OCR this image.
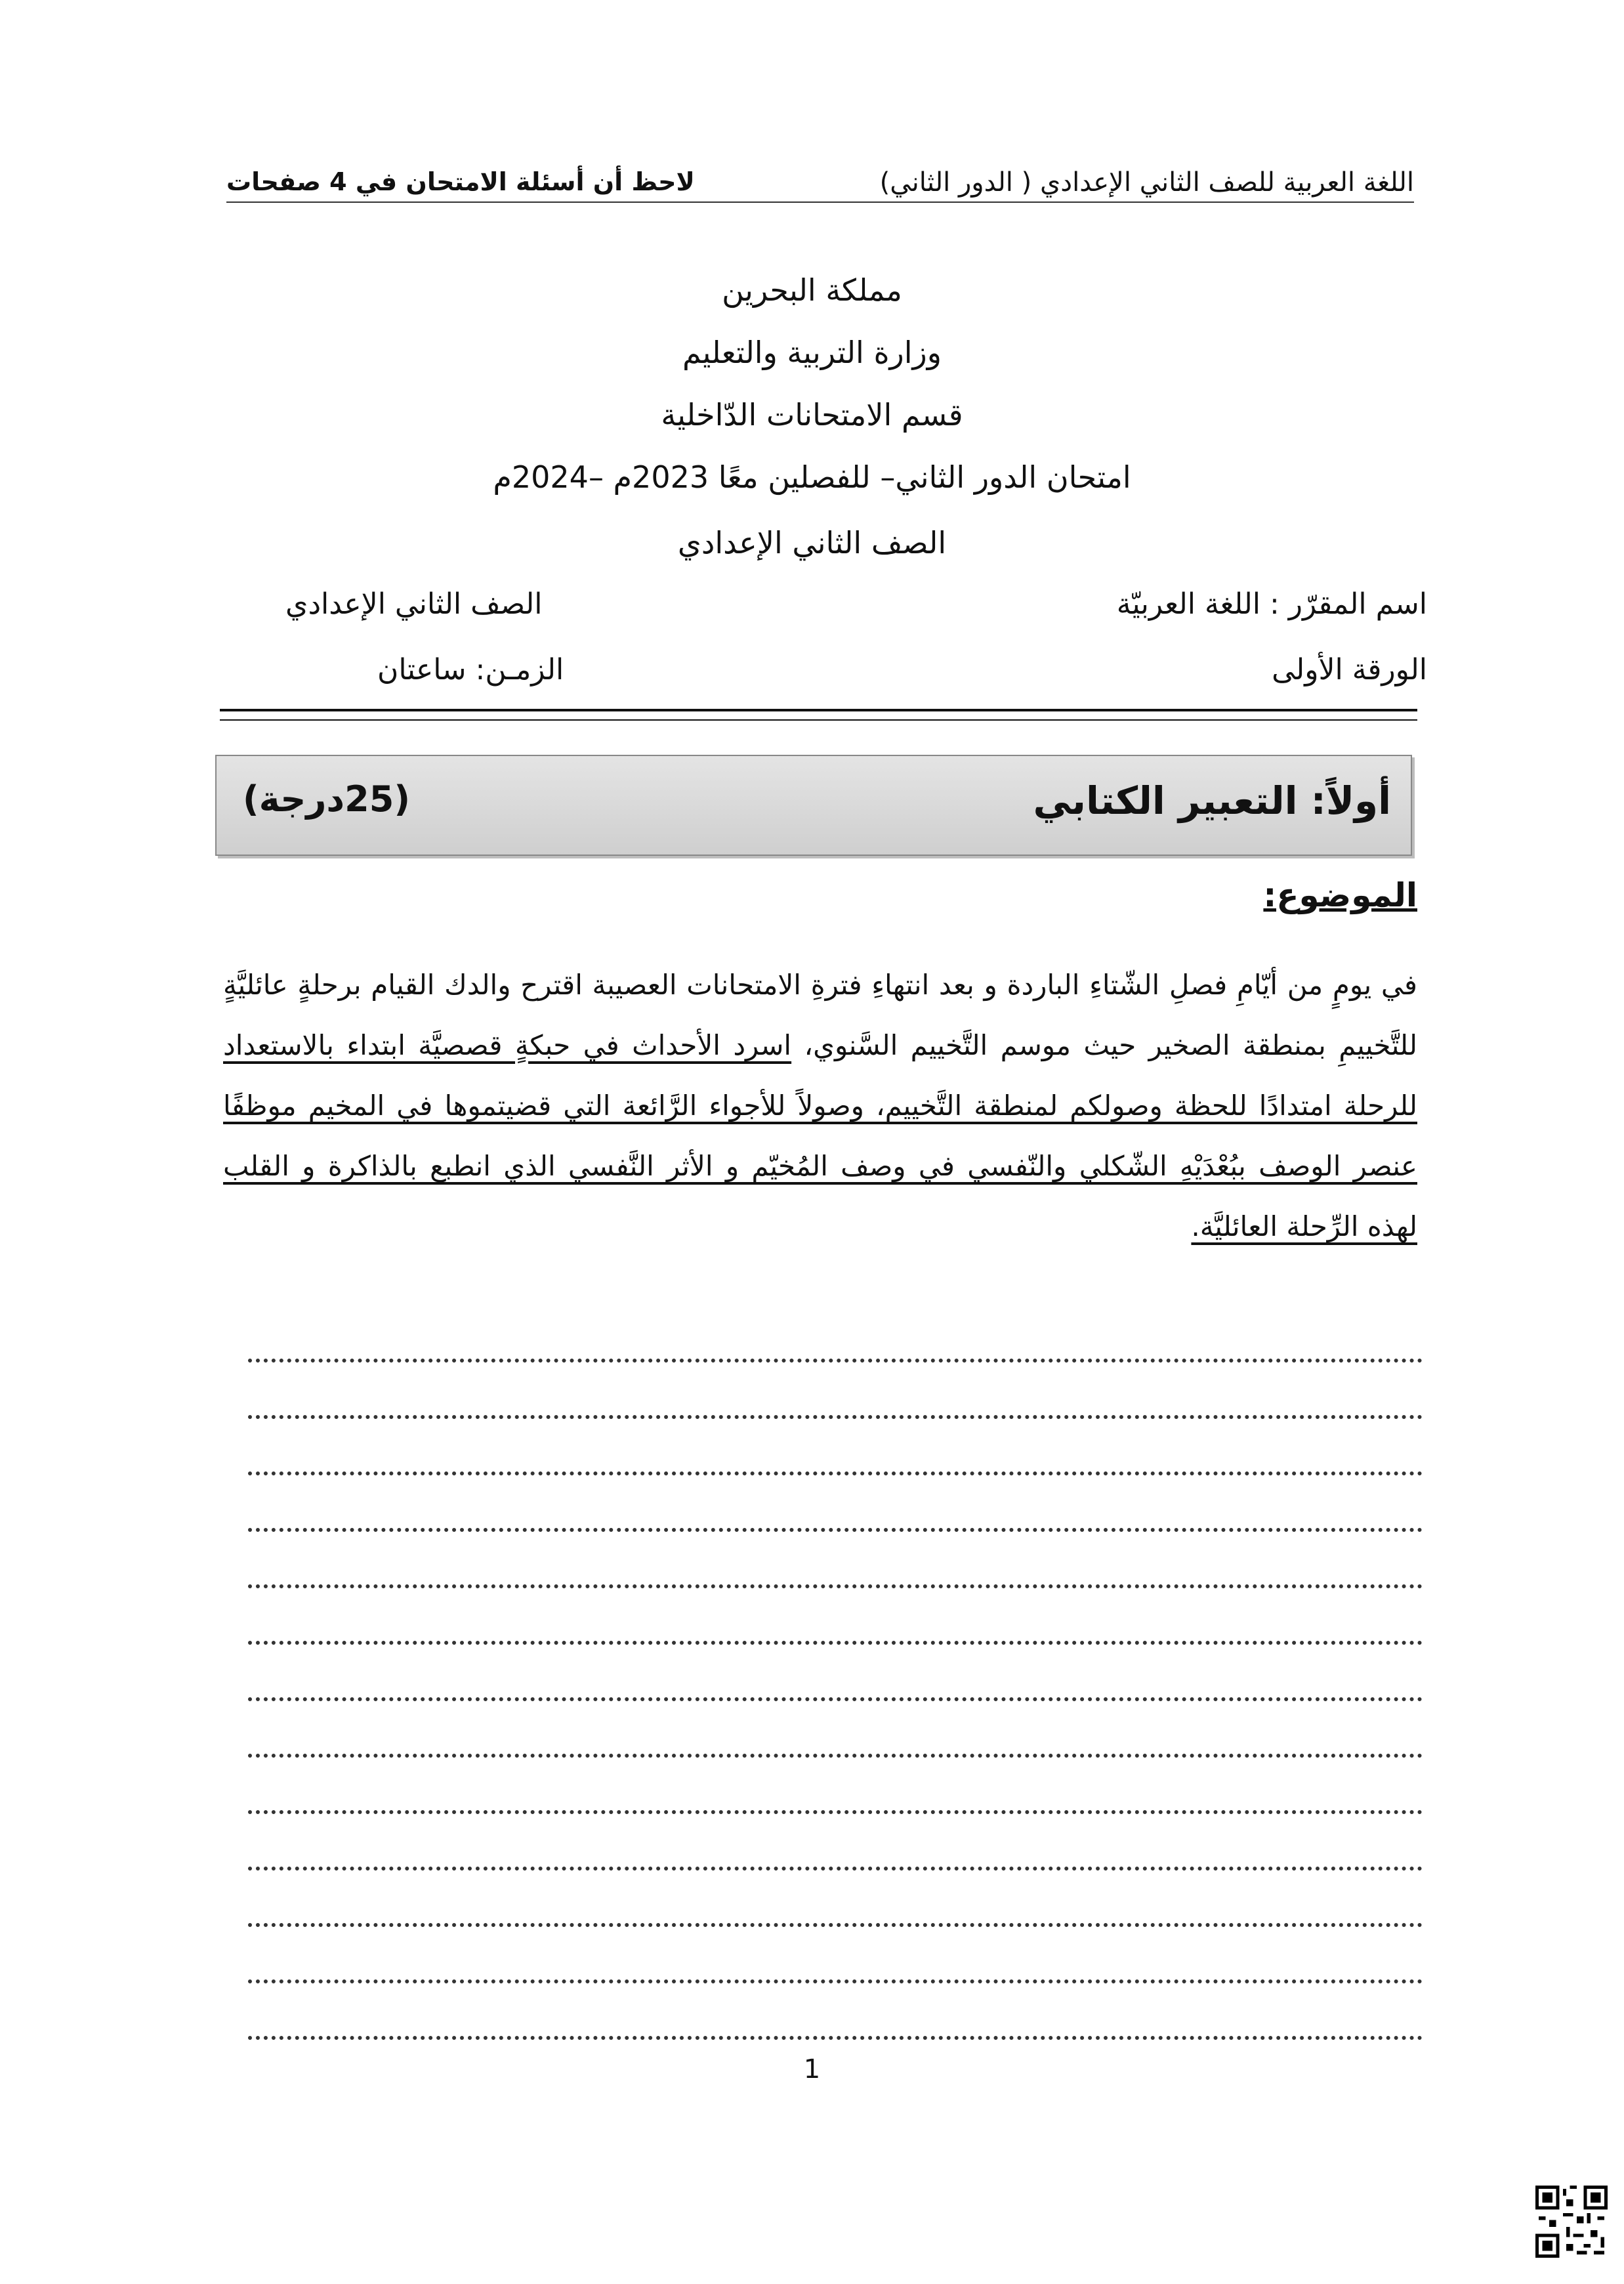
اللغة العربية للصف الثاني الإعدادي ( الدور الثاني)
لاحظ أن أسئلة الامتحان في 4 صفحات
مملكة البحرين
وزارة التربية والتعليم
قسم الامتحانات الدّاخلية
امتحان الدور الثاني– للفصلين معًا 2023م –2024م
الصف الثاني الإعدادي
اسم المقرّر : اللغة العربيّة
الورقة الأولى
الصف الثاني الإعدادي
الزمـن: ساعتان
أولاً: التعبير الكتابي
(25درجة)
الموضوع:
في يومٍ من أيّامِ فصلِ الشّتاءِ الباردة و بعد انتهاءِ فترةِ الامتحانات العصيبة اقترح والدك القيام برحلةٍ عائليَّةٍ للتَّخييمِ بمنطقة الصخير حيث موسم التَّخييم السَّنوي، اسرد الأحداث في حبكةٍ قصصيَّة ابتداء بالاستعداد للرحلة امتدادًا للحظة وصولكم لمنطقة التَّخييم، وصولاً للأجواء الرَّائعة التي قضيتموها في المخيم موظفًا عنصر الوصف ببُعْدَيْهِ الشّكلي والنّفسي في وصف المُخيّم و الأثر النَّفسي الذي انطبع بالذاكرة و القلب لهذه الرِّحلة العائليَّة.
1
